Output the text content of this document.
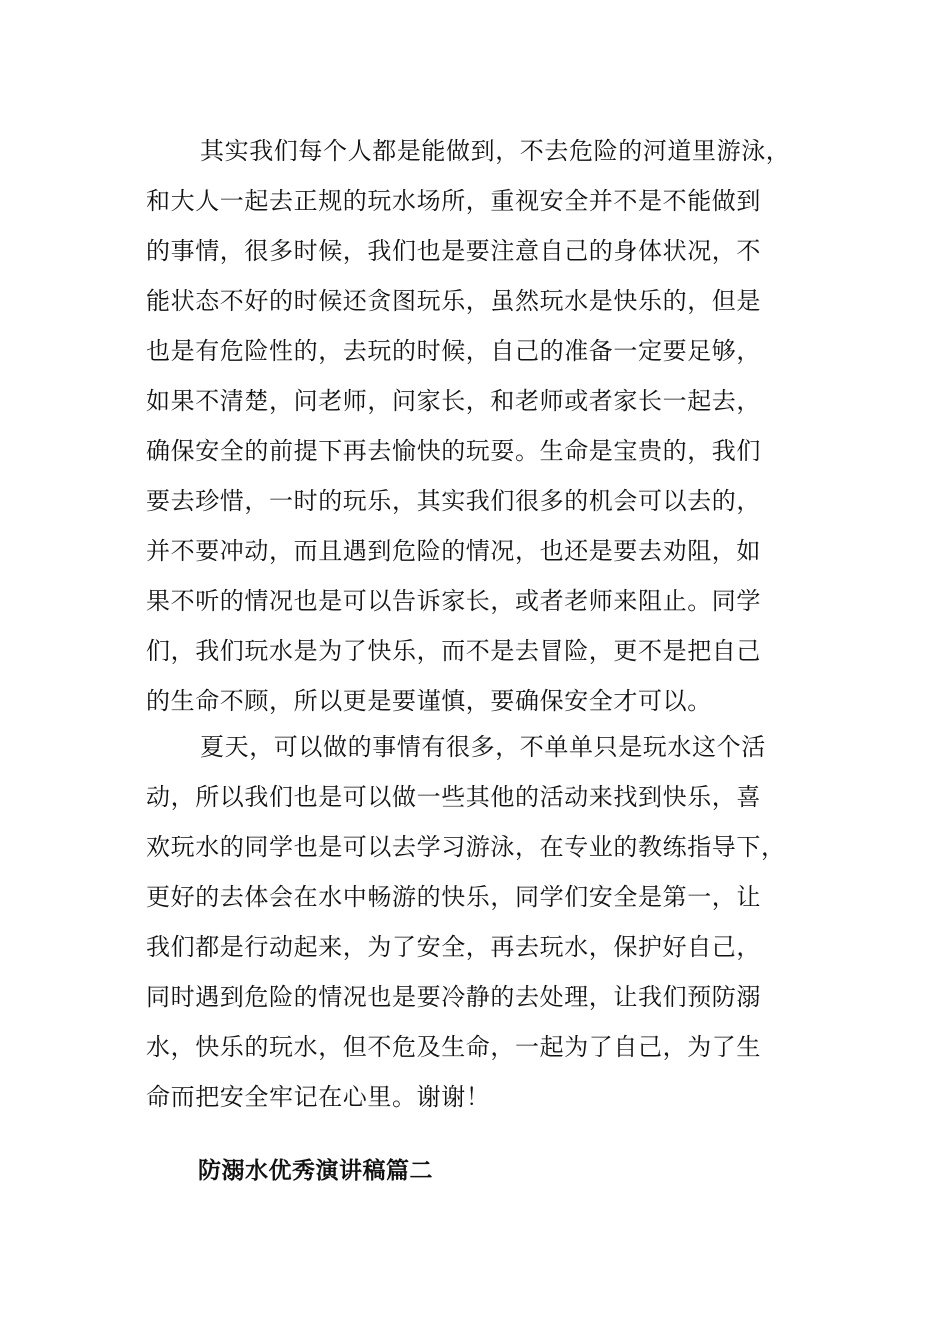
其实我们每个人都是能做到，不去危险的河道里游泳，
和大人一起去正规的玩水场所，重视安全并不是不能做到
的事情，很多时候，我们也是要注意自己的身体状况，不
能状态不好的时候还贪图玩乐，虽然玩水是快乐的，但是
也是有危险性的，去玩的时候，自己的准备一定要足够，
如果不清楚，问老师，问家长，和老师或者家长一起去，
确保安全的前提下再去愉快的玩耍。生命是宝贵的，我们
要去珍惜，一时的玩乐，其实我们很多的机会可以去的，
并不要冲动，而且遇到危险的情况，也还是要去劝阻，如
果不听的情况也是可以告诉家长，或者老师来阻止。同学
们，我们玩水是为了快乐，而不是去冒险，更不是把自己
的生命不顾，所以更是要谨慎，要确保安全才可以。
夏天，可以做的事情有很多，不单单只是玩水这个活
动，所以我们也是可以做一些其他的活动来找到快乐，喜
欢玩水的同学也是可以去学习游泳，在专业的教练指导下，
更好的去体会在水中畅游的快乐，同学们安全是第一，让
我们都是行动起来，为了安全，再去玩水，保护好自己，
同时遇到危险的情况也是要冷静的去处理，让我们预防溺
水，快乐的玩水，但不危及生命，一起为了自己，为了生
命而把安全牢记在心里。谢谢！
防溺水优秀演讲稿篇二
